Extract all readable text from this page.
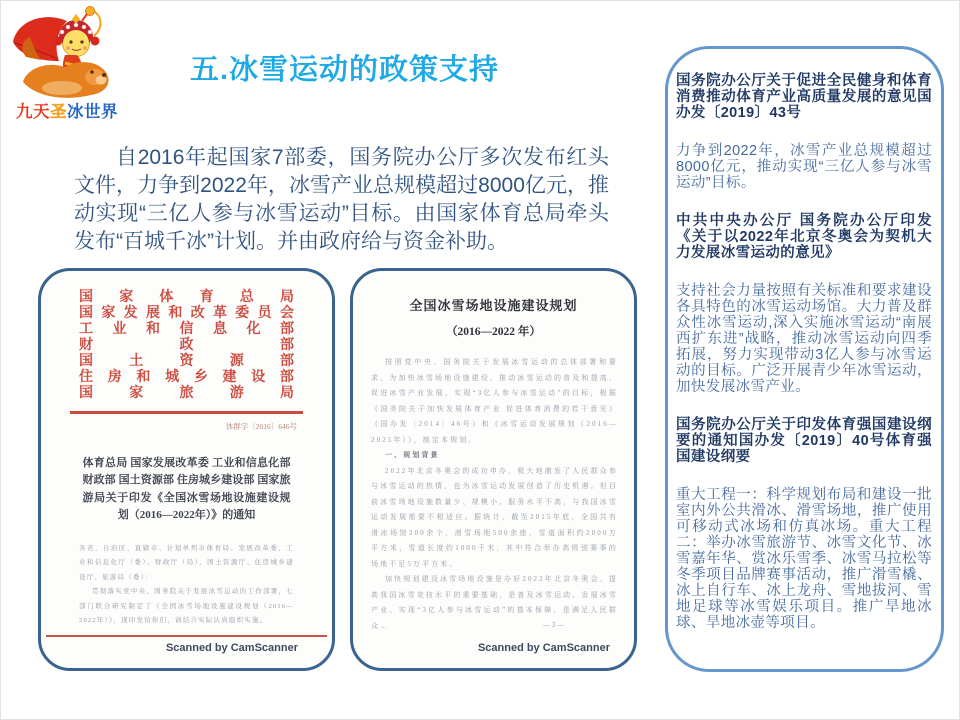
九天圣冰世界
五.冰雪运动的政策支持
自2016年起国家7部委，国务院办公厅多次发布红头文件，力争到2022年，冰雪产业总规模超过8000亿元，推动实现“三亿人参与冰雪运动”目标。由国家体育总局牵头发布“百城千冰”计划。并由政府给与资金补助。
国 家 体 育 总 局
国 家 发 展 和 改 革 委 员 会
工 业 和 信 息 化 部
财	政	部
国	土	资	源	部
住 房 和 城 乡 建 设 部
国	家	旅	游	局
体群字〔2016〕646号
体育总局 国家发展改革委 工业和信息化部 财政部 国土资源部 住房城乡建设部 国家旅游局关于印发《全国冰雪场地设施建设规划（2016—2022年）》的通知

各省、自治区、直辖市、计划单列市体育局、发展改革委、工业和信息化厅（委）、财政厅（局）、国土资源厅、住房城乡建设厅、旅游局（委）：

贯彻落实党中央、国务院关于发展冰雪运动的工作部署，七部门联合研究制定了《全国冰雪场地设施建设规划（2016—2022年）》，现印发给你们，请结合实际认真组织实施。

Scanned by CamScanner
全国冰雪场地设施建设规划
（2016—2022 年）

按照党中央、国务院关于发展冰雪运动的总体部署和要求，为加快冰雪场地设施建设，推动冰雪运动的普及和提高，促进冰雪产业发展，实现“3亿人参与冰雪运动”的目标，根据《国务院关于加快发展体育产业 促进体育消费的若干意见》（国办发〔2014〕46号）和《冰雪运动发展规划（2016—2025年）》，制定本规划。

一、规划背景

2022年北京冬奥会的成功申办，极大地激发了人民群众参与冰雪运动的热情，也为冰雪运动发展创造了历史机遇。但目前冰雪场地设施数量少、规模小、服务水平不高，与我国冰雪运动发展需要不相适应。据统计，截至2015年底，全国共有滑冰场馆200余个，滑雪场地500余座，雪道面积约2000万平方米，雪道长度约1000千米，其中符合举办高级别赛事的场地不足5万平方米。

加快规划建设冰雪场地设施是办好2022年北京冬奥会、提高我国冰雪竞技水平的重要基础，是普及冰雪运动、发展冰雪产业、实现“3亿人参与冰雪运动”的基本保障，是满足人民群众…	— 3 —
Scanned by CamScanner

国务院办公厅关于促进全民健身和体育消费推动体育产业高质量发展的意见国办发〔2019〕43号

力争到2022年，冰雪产业总规模超过8000亿元，推动实现“三亿人参与冰雪运动”目标。

中共中央办公厅 国务院办公厅印发《关于以2022年北京冬奥会为契机大力发展冰雪运动的意见》

支持社会力量按照有关标准和要求建设各具特色的冰雪运动场馆。大力普及群众性冰雪运动,深入实施冰雪运动“南展西扩东进”战略，推动冰雪运动向四季拓展，努力实现带动3亿人参与冰雪运动的目标。广泛开展青少年冰雪运动，加快发展冰雪产业。

国务院办公厅关于印发体育强国建设纲要的通知国办发〔2019〕40号体育强国建设纲要

重大工程一：科学规划布局和建设一批室内外公共滑冰、滑雪场地，推广使用可移动式冰场和仿真冰场。重大工程二：举办冰雪旅游节、冰雪文化节、冰雪嘉年华、赏冰乐雪季、冰雪马拉松等冬季项目品牌赛事活动，推广滑雪橇、冰上自行车、冰上龙舟、雪地拔河、雪地足球等冰雪娱乐项目。推广旱地冰球、旱地冰壶等项目。
